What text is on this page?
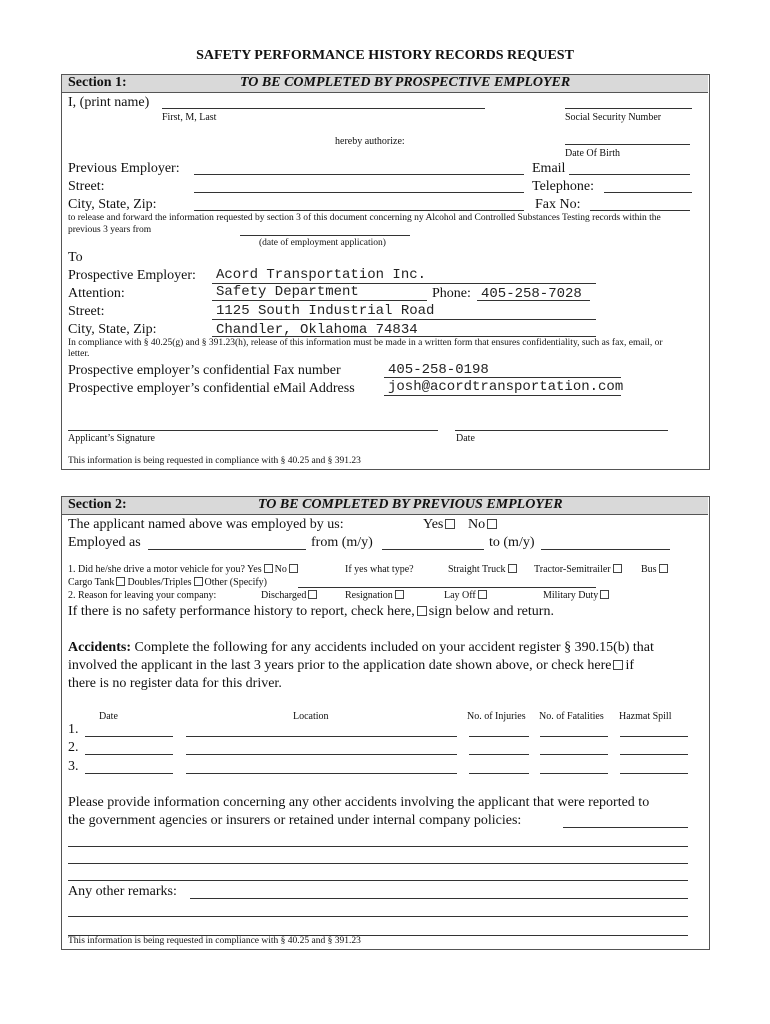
SAFETY PERFORMANCE HISTORY RECORDS REQUEST
Section 1:	TO BE COMPLETED BY PROSPECTIVE EMPLOYER
I, (print name)
First, M, Last	Social Security Number
hereby authorize:
Date Of Birth
Previous Employer:	Email
Street:	Telephone:
City, State, Zip:	Fax No:
to release and forward the information requested by section 3 of this document concerning ny Alcohol and Controlled Substances Testing records within the
previous 3 years from
(date of employment application)
To
Prospective Employer: Acord Transportation Inc.
Attention:	Safety Department	Phone: 405-258-7028
Street:	1125 South Industrial Road
City, State, Zip:	Chandler, Oklahoma 74834
In compliance with § 40.25(g) and § 391.23(h), release of this information must be made in a written form that ensures confidentiality, such as fax, email, or
letter.
Prospective employer’s confidential Fax number	405-258-0198
Prospective employer’s confidential eMail Address josh@acordtransportation.com
Applicant’s Signature	Date
This information is being requested in compliance with § 40.25 and § 391.23
Section 2:	TO BE COMPLETED BY PREVIOUS EMPLOYER
The applicant named above was employed by us:	Yes	No
Employed as	from (m/y)	to (m/y)
1. Did he/she drive a motor vehicle for you? Yes No	If yes what type?	Straight Truck	Tractor-Semitrailer	Bus
Cargo Tank Doubles/Triples Other (Specify)
2. Reason for leaving your company:	Discharged	Resignation	Lay Off	Military Duty
If there is no safety performance history to report, check here, sign below and return.
Accidents: Complete the following for any accidents included on your accident register § 390.15(b) that
involved the applicant in the last 3 years prior to the application date shown above, or check here if
there is no register data for this driver.
Date	Location	No. of Injuries No. of Fatalities Hazmat Spill
1.
2.
3.
Please provide information concerning any other accidents involving the applicant that were reported to
the government agencies or insurers or retained under internal company policies:
Any other remarks:
This information is being requested in compliance with § 40.25 and § 391.23
